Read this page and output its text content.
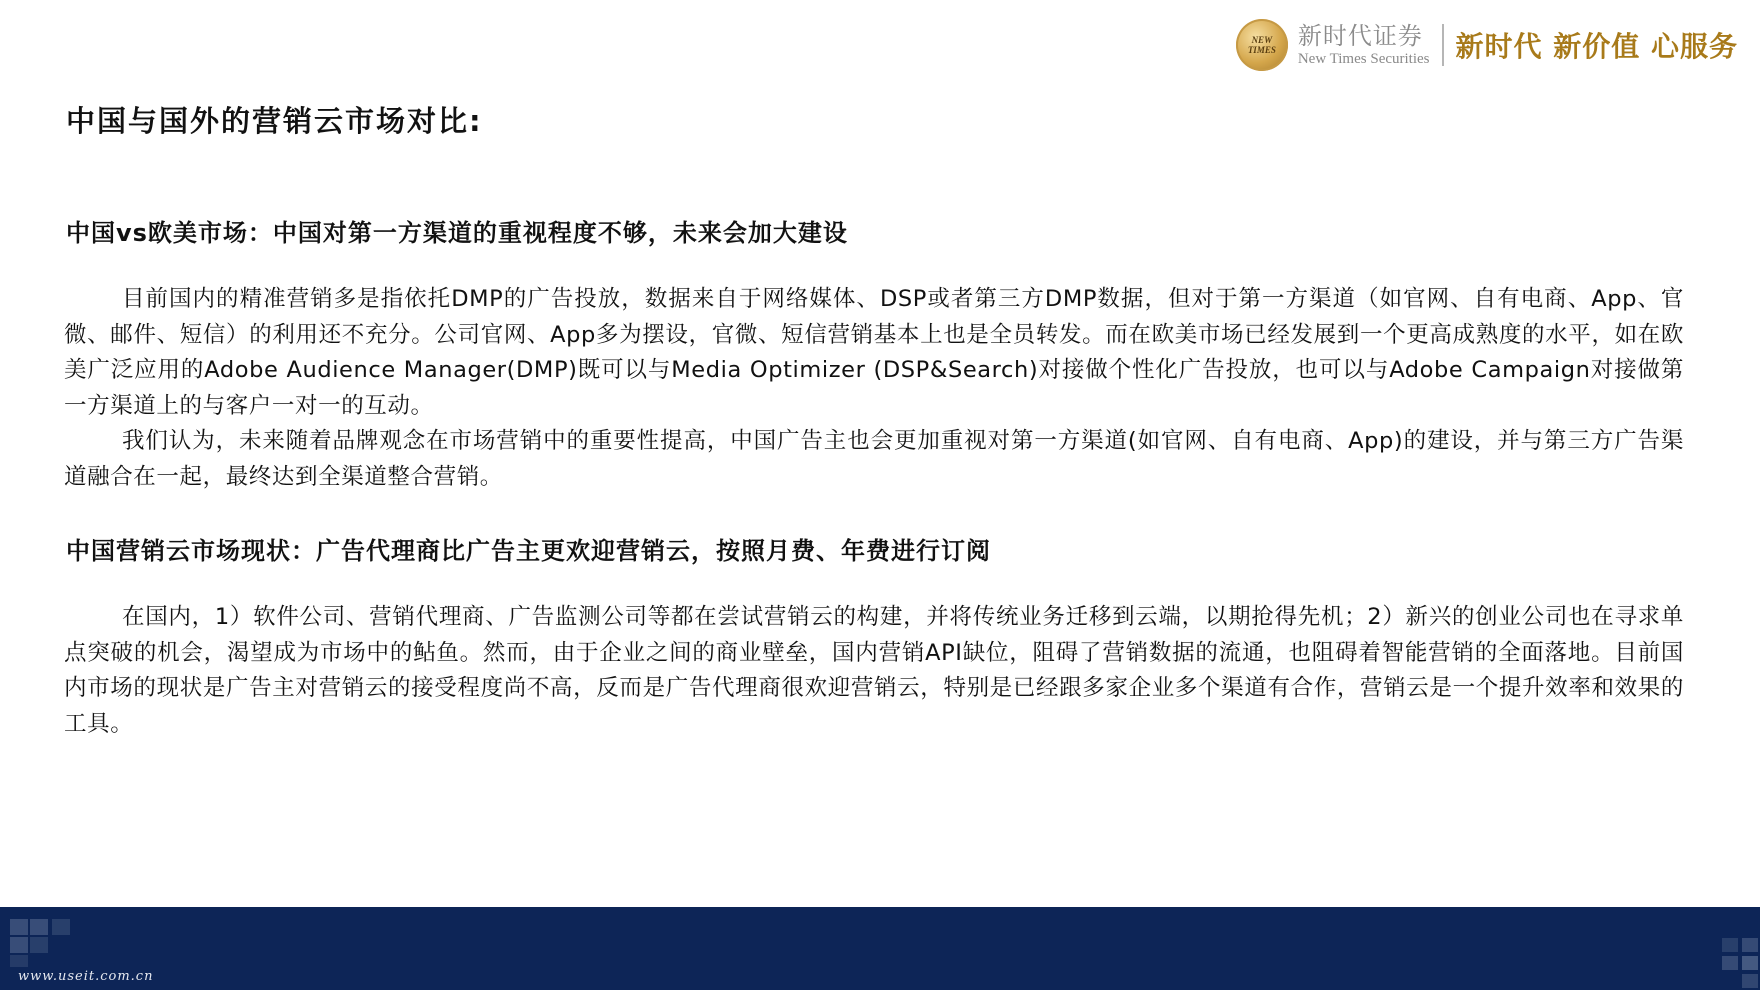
NEW
TIMES 新时代证券
New Times Securities 新时代 新价值 心服务
中国与国外的营销云市场对比:
中国vs欧美市场：中国对第一方渠道的重视程度不够，未来会加大建设

目前国内的精准营销多是指依托DMP的广告投放，数据来自于网络媒体、DSP或者第三方DMP数据，但对于第一方渠道（如官网、自有电商、App、官微、邮件、短信）的利用还不充分。公司官网、App多为摆设，官微、短信营销基本上也是全员转发。而在欧美市场已经发展到一个更高成熟度的水平，如在欧美广泛应用的Adobe Audience Manager(DMP)既可以与Media Optimizer (DSP&Search)对接做个性化广告投放，也可以与Adobe Campaign对接做第一方渠道上的与客户一对一的互动。

我们认为，未来随着品牌观念在市场营销中的重要性提高，中国广告主也会更加重视对第一方渠道(如官网、自有电商、App)的建设，并与第三方广告渠道融合在一起，最终达到全渠道整合营销。

中国营销云市场现状：广告代理商比广告主更欢迎营销云，按照月费、年费进行订阅

在国内，1）软件公司、营销代理商、广告监测公司等都在尝试营销云的构建，并将传统业务迁移到云端，以期抢得先机；2）新兴的创业公司也在寻求单点突破的机会，渴望成为市场中的鲇鱼。然而，由于企业之间的商业壁垒，国内营销API缺位，阻碍了营销数据的流通，也阻碍着智能营销的全面落地。目前国内市场的现状是广告主对营销云的接受程度尚不高，反而是广告代理商很欢迎营销云，特别是已经跟多家企业多个渠道有合作，营销云是一个提升效率和效果的工具。

www.useit.com.cn
